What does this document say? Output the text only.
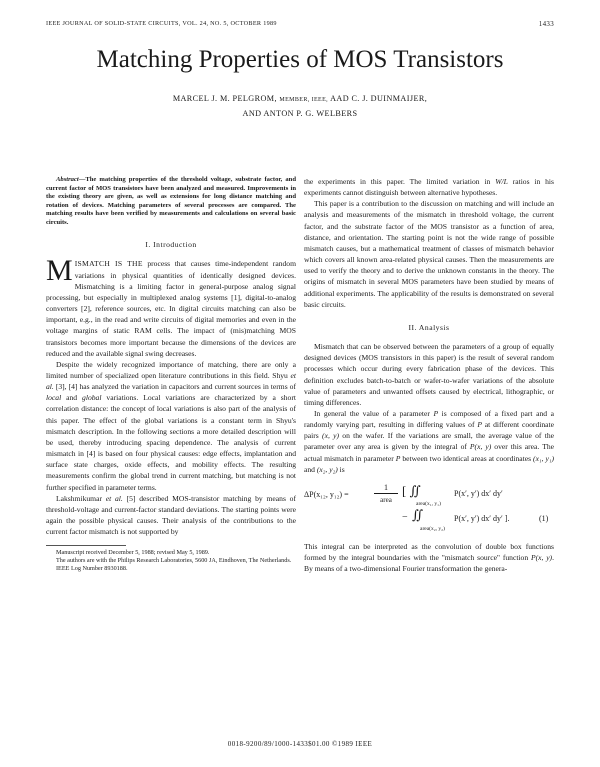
IEEE JOURNAL OF SOLID-STATE CIRCUITS, VOL. 24, NO. 5, OCTOBER 1989	1433
Matching Properties of MOS Transistors
MARCEL J. M. PELGROM, MEMBER, IEEE, AAD C. J. DUINMAIJER,
AND ANTON P. G. WELBERS

Abstract—The matching properties of the threshold voltage, substrate factor, and current factor of MOS transistors have been analyzed and measured. Improvements in the existing theory are given, as well as extensions for long distance matching and rotation of devices. Matching parameters of several processes are compared. The matching results have been verified by measurements and calculations on several basic circuits.

I. Introduction

MISMATCH IS THE process that causes time-independent random variations in physical quantities of identically designed devices. Mismatching is a limiting factor in general-purpose analog signal processing, but especially in multiplexed analog systems [1], digital-to-analog converters [2], reference sources, etc. In digital circuits matching can also be important, e.g., in the read and write circuits of digital memories and even in the voltage margins of static RAM cells. The impact of (mis)matching MOS transistors becomes more important because the dimensions of the devices are reduced and the available signal swing decreases.

Despite the widely recognized importance of matching, there are only a limited number of specialized open literature contributions in this field. Shyu et al. [3], [4] has analyzed the variation in capacitors and current sources in terms of local and global variations. Local variations are characterized by a short correlation distance: the concept of local variations is also part of the analysis of this paper. The effect of the global variations is a constant term in Shyu's mismatch description. In the following sections a more detailed description will be used, thereby introducing spacing dependence. The analysis of current mismatch in [4] is based on four physical causes: edge effects, implantation and surface state charges, oxide effects, and mobility effects. The resulting measurements confirm the global trend in current matching, but matching is not further specified in parameter terms.

Lakshmikumar et al. [5] described MOS-transistor matching by means of threshold-voltage and current-factor standard deviations. The starting points were again the possible physical causes. Their analysis of the contributions to the current factor mismatch is not supported by

Manuscript received December 5, 1988; revised May 5, 1989.

The authors are with the Philips Research Laboratories, 5600 JA, Eindhoven, The Netherlands.

IEEE Log Number 8930188.

the experiments in this paper. The limited variation in W/L ratios in his experiments cannot distinguish between alternative hypotheses.

This paper is a contribution to the discussion on matching and will include an analysis and measurements of the mismatch in threshold voltage, the current factor, and the substrate factor of the MOS transistor as a function of area, distance, and orientation. The starting point is not the wide range of possible mismatch causes, but a mathematical treatment of classes of mismatch behavior which covers all known area-related physical causes. Then the measurements are used to verify the theory and to derive the unknown constants in the theory. The origins of mismatch in several MOS parameters have been studied by means of additional experiments. The applicability of the results is demonstrated on several basic circuits.

II. Analysis

Mismatch that can be observed between the parameters of a group of equally designed devices (MOS transistors in this paper) is the result of several random processes which occur during every fabrication phase of the devices. This definition excludes batch-to-batch or wafer-to-wafer variations of the absolute value of parameters and unwanted offsets caused by electrical, lithographic, or timing differences.

In general the value of a parameter P is composed of a fixed part and a randomly varying part, resulting in differing values of P at different coordinate pairs (x, y) on the wafer. If the variations are small, the average value of the parameter over any area is given by the integral of P(x, y) over this area. The actual mismatch in parameter P between two identical areas at coordinates (x₁, y₁) and (x₂, y₂) is

ΔP(x₁₂, y₁₂) =
1
area
[ ∬
area(x₁, y₁)
P(x′, y′) dx′ dy′
− ∬
area(x₂, y₂)
P(x′, y′) dx′ dy′ ].	(1)

This integral can be interpreted as the convolution of double box functions formed by the integral boundaries with the "mismatch source" function P(x, y). By means of a two-dimensional Fourier transformation the genera-

0018-9200/89/1000-1433$01.00 ©1989 IEEE
